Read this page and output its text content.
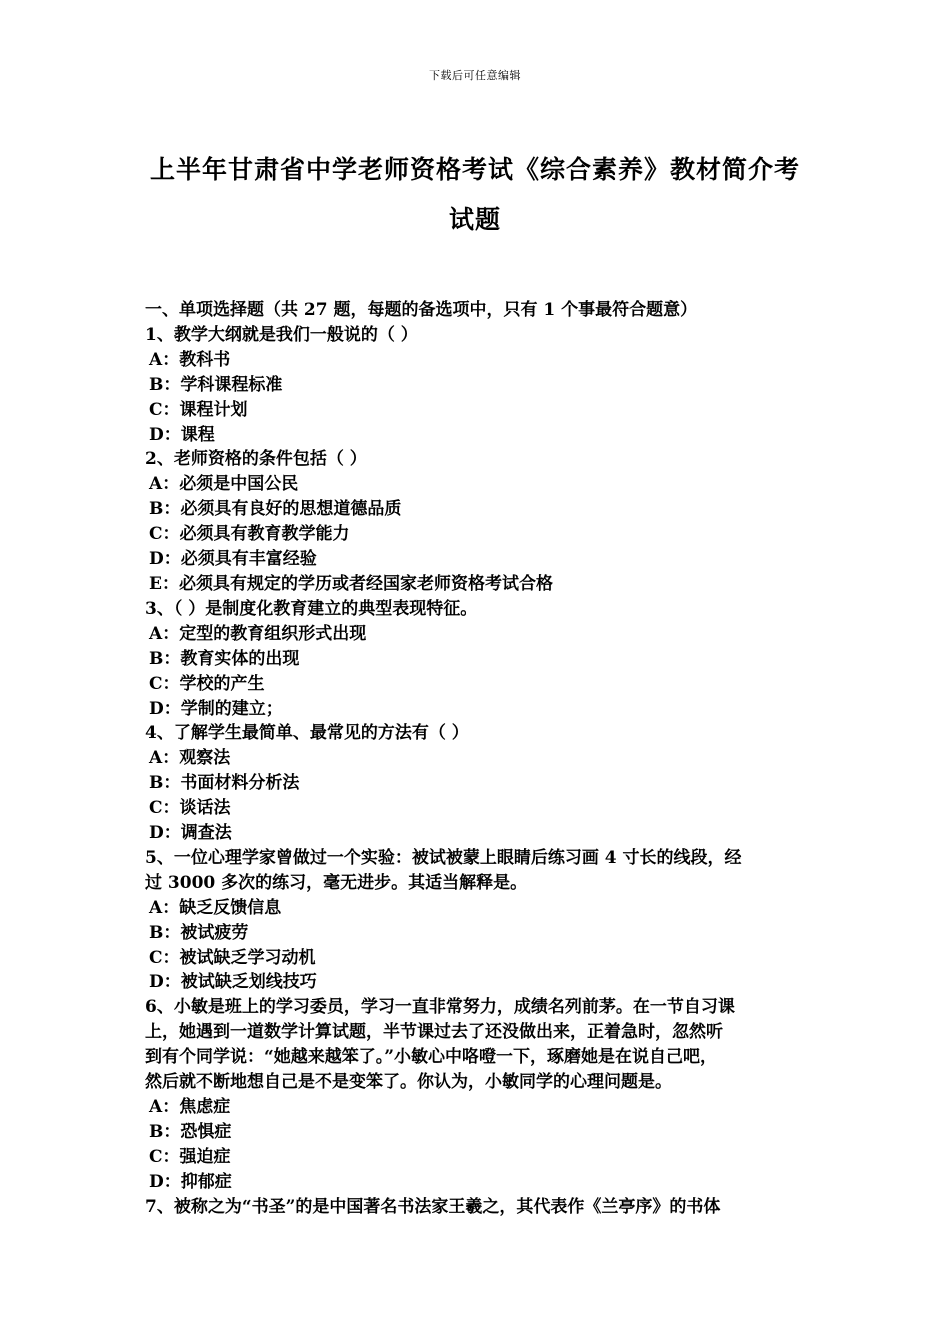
下载后可任意编辑
上半年甘肃省中学老师资格考试《综合素养》教材简介考
试题
一、单项选择题（共 27 题，每题的备选项中，只有 1 个事最符合题意）
1、教学大纲就是我们一般说的（ ）
A：教科书
B：学科课程标准
C：课程计划
D：课程
2、老师资格的条件包括（ ）
A：必须是中国公民
B：必须具有良好的思想道德品质
C：必须具有教育教学能力
D：必须具有丰富经验
E：必须具有规定的学历或者经国家老师资格考试合格
3、（ ）是制度化教育建立的典型表现特征。
A：定型的教育组织形式出现
B：教育实体的出现
C：学校的产生
D：学制的建立；
4、了解学生最简单、最常见的方法有（ ）
A：观察法
B：书面材料分析法
C：谈话法
D：调查法
5、一位心理学家曾做过一个实验：被试被蒙上眼睛后练习画 4 寸长的线段，经
过 3000 多次的练习，毫无进步。其适当解释是。
A：缺乏反馈信息
B：被试疲劳
C：被试缺乏学习动机
D：被试缺乏划线技巧
6、小敏是班上的学习委员，学习一直非常努力，成绩名列前茅。在一节自习课
上，她遇到一道数学计算试题，半节课过去了还没做出来，正着急时，忽然听
到有个同学说：“她越来越笨了。”小敏心中咯噔一下，琢磨她是在说自己吧，
然后就不断地想自己是不是变笨了。你认为，小敏同学的心理问题是。
A：焦虑症
B：恐惧症
C：强迫症
D：抑郁症
7、被称之为“书圣”的是中国著名书法家王羲之，其代表作《兰亭序》的书体
